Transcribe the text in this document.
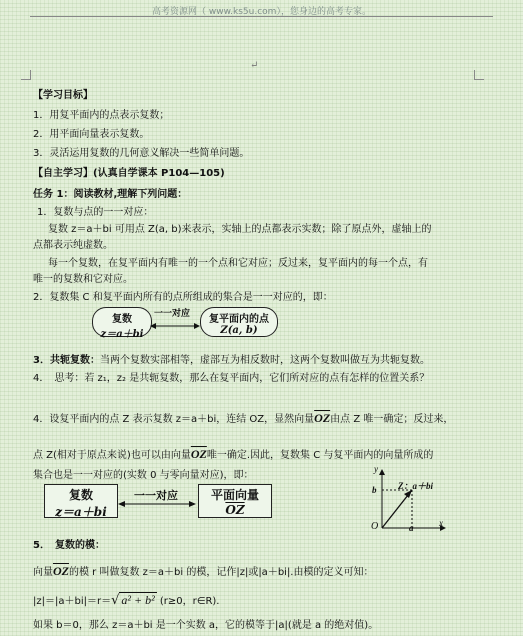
高考资源网（ www.ks5u.com），您身边的高考专家。
↵
【学习目标】
1．用复平面内的点表示复数；
2．用平面向量表示复数。
3．灵活运用复数的几何意义解决一些简单问题。
【自主学习】(认真自学课本 P104—105)
任务 1：阅读教材,理解下列问题：
1．复数与点的一一对应：
复数 z＝a＋bi 可用点 Z(a, b)来表示，实轴上的点都表示实数；除了原点外，虚轴上的
点都表示纯虚数。
每一个复数，在复平面内有唯一的一个点和它对应；反过来，复平面内的每一个点，有
唯一的复数和它对应。
2．复数集 C 和复平面内所有的点所组成的集合是一一对应的，即：
复数
z＝a＋bi
一一对应	复平面内的点
Z(a, b)
3．共轭复数：当两个复数实部相等，虚部互为相反数时，这两个复数叫做互为共轭复数。
4．　思考：若 z₁，z₂ 是共轭复数，那么在复平面内，它们所对应的点有怎样的位置关系？
4．设复平面内的点 Z 表示复数 z＝a＋bi，连结 OZ，显然向量$\overline{OZ}$由点 Z 唯一确定；反过来，
点 Z(相对于原点来说)也可以由向量$\overline{OZ}$唯一确定.因此，复数集 C 与复平面内的向量所成的
集合也是一一对应的(实数 0 与零向量对应)，即：
复数
z＝a＋bi
一一对应	平面向量
$\overline{OZ}$
y
x
O
Z：a＋bi
b
a
5．　复数的模：
向量$\overline{OZ}$的模 r 叫做复数 z＝a＋bi 的模，记作|z|或|a＋bi|.由模的定义可知：
|z|＝|a＋bi|＝r＝√ a² + b² (r≥0，r∈R).
如果 b＝0，那么 z＝a＋bi 是一个实数 a，它的模等于|a|(就是 a 的绝对值)。
